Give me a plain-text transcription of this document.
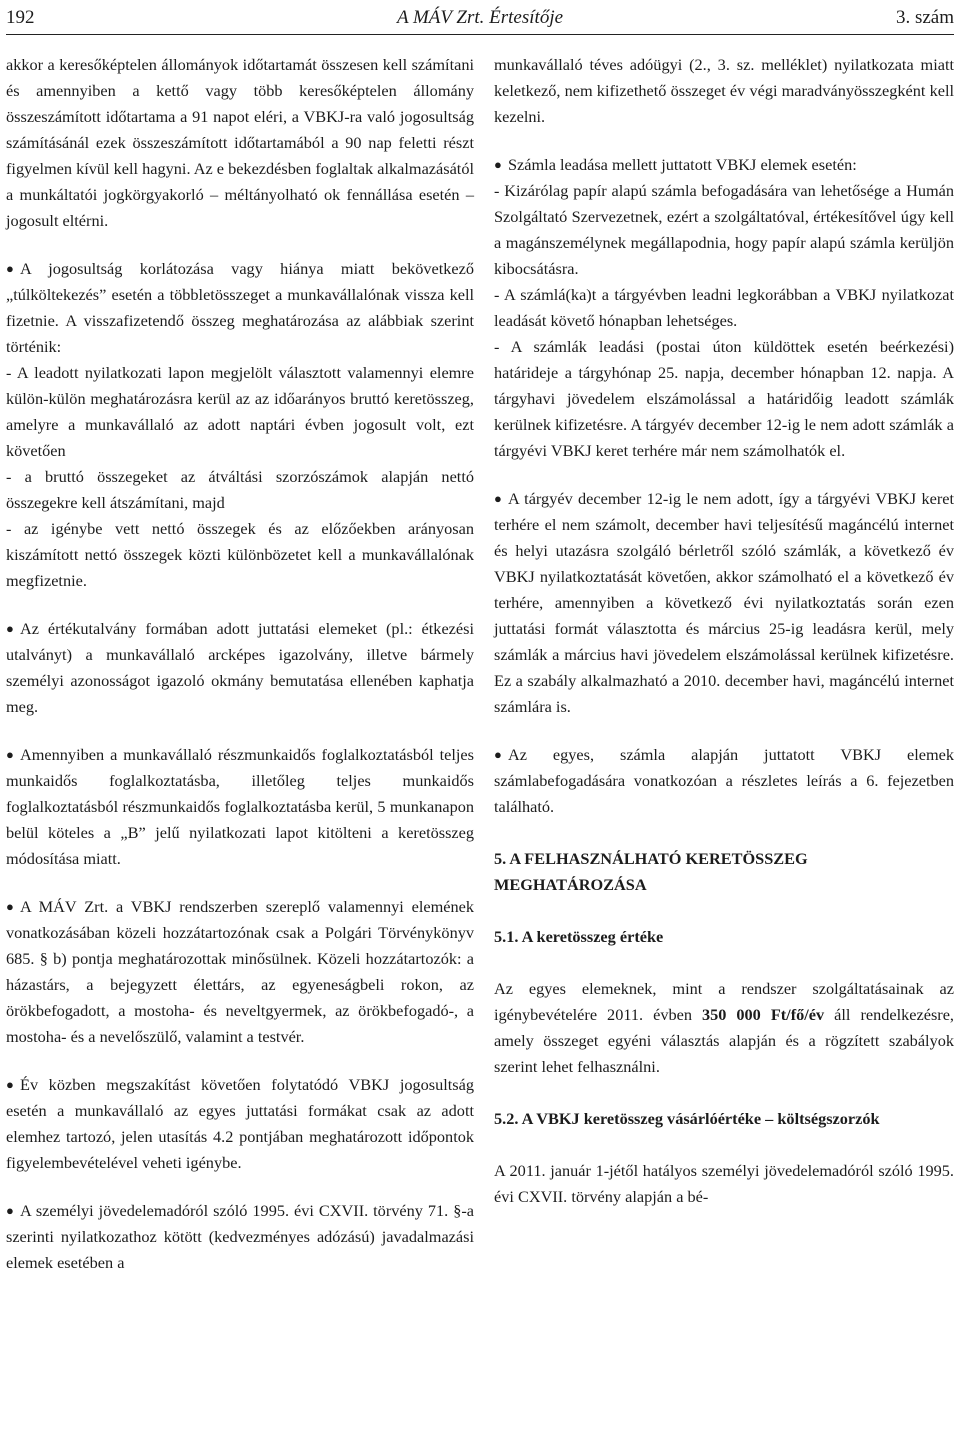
192	A MÁV Zrt. Értesítője	3. szám

akkor a keresőképtelen állományok időtartamát összesen kell számítani és amennyiben a kettő vagy több keresőképtelen állomány összeszámított időtartama a 91 napot eléri, a VBKJ-ra való jogosultság számításánál ezek összeszámított időtartamából a 90 nap feletti részt figyelmen kívül kell hagyni. Az e bekezdésben foglaltak alkalmazásától a munkáltatói jogkörgyakorló – méltányolható ok fennállása esetén – jogosult eltérni.

● A jogosultság korlátozása vagy hiánya miatt bekövetkező „túlköltekezés” esetén a többletösszeget a munkavállalónak vissza kell fizetnie. A visszafizetendő összeg meghatározása az alábbiak szerint történik:

- A leadott nyilatkozati lapon megjelölt választott valamennyi elemre külön-külön meghatározásra kerül az az időarányos bruttó keretösszeg, amelyre a munkavállaló az adott naptári évben jogosult volt, ezt követően

- a bruttó összegeket az átváltási szorzószámok alapján nettó összegekre kell átszámítani, majd

- az igénybe vett nettó összegek és az előzőekben arányosan kiszámított nettó összegek közti különbözetet kell a munkavállalónak megfizetnie.

● Az értékutalvány formában adott juttatási elemeket (pl.: étkezési utalványt) a munkavállaló arcképes igazolvány, illetve bármely személyi azonosságot igazoló okmány bemutatása ellenében kaphatja meg.

● Amennyiben a munkavállaló részmunkaidős foglalkoztatásból teljes munkaidős foglalkoztatásba, illetőleg teljes munkaidős foglalkoztatásból részmunkaidős foglalkoztatásba kerül, 5 munkanapon belül köteles a „B” jelű nyilatkozati lapot kitölteni a keretösszeg módosítása miatt.

● A MÁV Zrt. a VBKJ rendszerben szereplő valamennyi elemének vonatkozásában közeli hozzátartozónak csak a Polgári Törvénykönyv 685. § b) pontja meghatározottak minősülnek. Közeli hozzátartozók: a házastárs, a bejegyzett élettárs, az egyeneságbeli rokon, az örökbefogadott, a mostoha- és neveltgyermek, az örökbefogadó-, a mostoha- és a nevelőszülő, valamint a testvér.

● Év közben megszakítást követően folytatódó VBKJ jogosultság esetén a munkavállaló az egyes juttatási formákat csak az adott elemhez tartozó, jelen utasítás 4.2 pontjában meghatározott időpontok figyelembevételével veheti igénybe.

● A személyi jövedelemadóról szóló 1995. évi CXVII. törvény 71. §-a szerinti nyilatkozathoz kötött (kedvezményes adózású) javadalmazási elemek esetében a

munkavállaló téves adóügyi (2., 3. sz. melléklet) nyilatkozata miatt keletkező, nem kifizethető összeget év végi maradványösszegként kell kezelni.

● Számla leadása mellett juttatott VBKJ elemek esetén:

- Kizárólag papír alapú számla befogadására van lehetősége a Humán Szolgáltató Szervezetnek, ezért a szolgáltatóval, értékesítővel úgy kell a magánszemélynek megállapodnia, hogy papír alapú számla kerüljön kibocsátásra.

- A számlá(ka)t a tárgyévben leadni legkorábban a VBKJ nyilatkozat leadását követő hónapban lehetséges.

- A számlák leadási (postai úton küldöttek esetén beérkezési) határideje a tárgyhónap 25. napja, december hónapban 12. napja. A tárgyhavi jövedelem elszámolással a határidőig leadott számlák kerülnek kifizetésre. A tárgyév december 12-ig le nem adott számlák a tárgyévi VBKJ keret terhére már nem számolhatók el.

● A tárgyév december 12-ig le nem adott, így a tárgyévi VBKJ keret terhére el nem számolt, december havi teljesítésű magáncélú internet és helyi utazásra szolgáló bérletről szóló számlák, a következő év VBKJ nyilatkoztatását követően, akkor számolható el a következő év terhére, amennyiben a következő évi nyilatkoztatás során ezen juttatási formát választotta és március 25-ig leadásra kerül, mely számlák a március havi jövedelem elszámolással kerülnek kifizetésre. Ez a szabály alkalmazható a 2010. december havi, magáncélú internet számlára is.

● Az egyes, számla alapján juttatott VBKJ elemek számlabefogadására vonatkozóan a részletes leírás a 6. fejezetben található.

5. A FELHASZNÁLHATÓ KERETÖSSZEG MEGHATÁROZÁSA

5.1. A keretösszeg értéke

Az egyes elemeknek, mint a rendszer szolgáltatásainak az igénybevételére 2011. évben 350 000 Ft/fő/év áll rendelkezésre, amely összeget egyéni választás alapján és a rögzített szabályok szerint lehet felhasználni.

5.2. A VBKJ keretösszeg vásárlóértéke – költségszorzók

A 2011. január 1-jétől hatályos személyi jövedelemadóról szóló 1995. évi CXVII. törvény alapján a bé-
